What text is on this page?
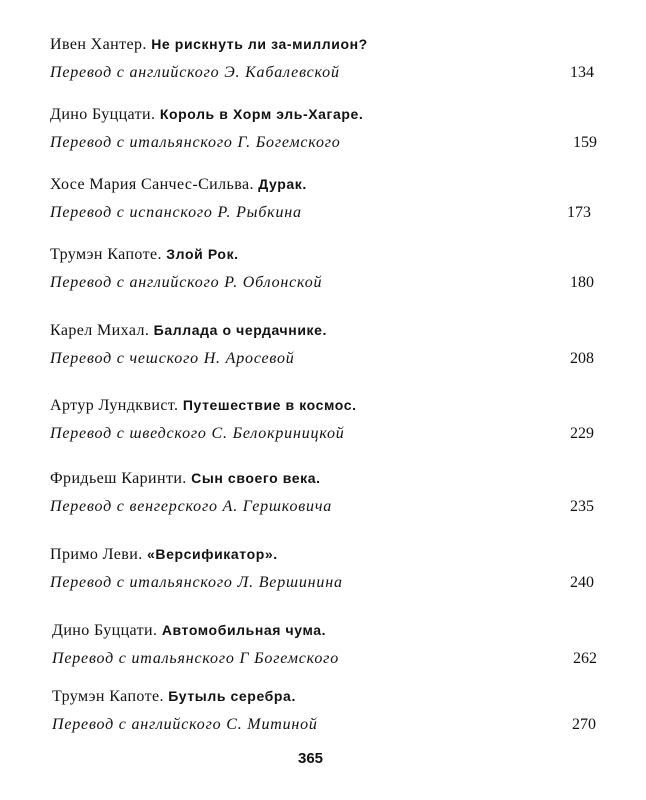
Ивен Хантер. Не рискнуть ли за-миллион?
Перевод с английского Э. Кабалевской	134
Дино Буццати. Король в Хорм эль-Хагаре.
Перевод с итальянского Г. Богемского	159
Хосе Мария Санчес-Сильва. Дурак.
Перевод с испанского Р. Рыбкина	173
Трумэн Капоте. Злой Рок.
Перевод с английского Р. Облонской	180
Карел Михал. Баллада о чердачнике.
Перевод с чешского Н. Аросевой	208
Артур Лундквист. Путешествие в космос.
Перевод с шведского С. Белокриницкой	229
Фридьеш Каринти. Сын своего века.
Перевод с венгерского А. Гершковича	235
Примо Леви. «Версификатор».
Перевод с итальянского Л. Вершинина	240
Дино Буццати. Автомобильная чума.
Перевод с итальянского Г Богемского	262
Трумэн Капоте. Бутыль серебра.
Перевод с английского С. Митиной	270
365
